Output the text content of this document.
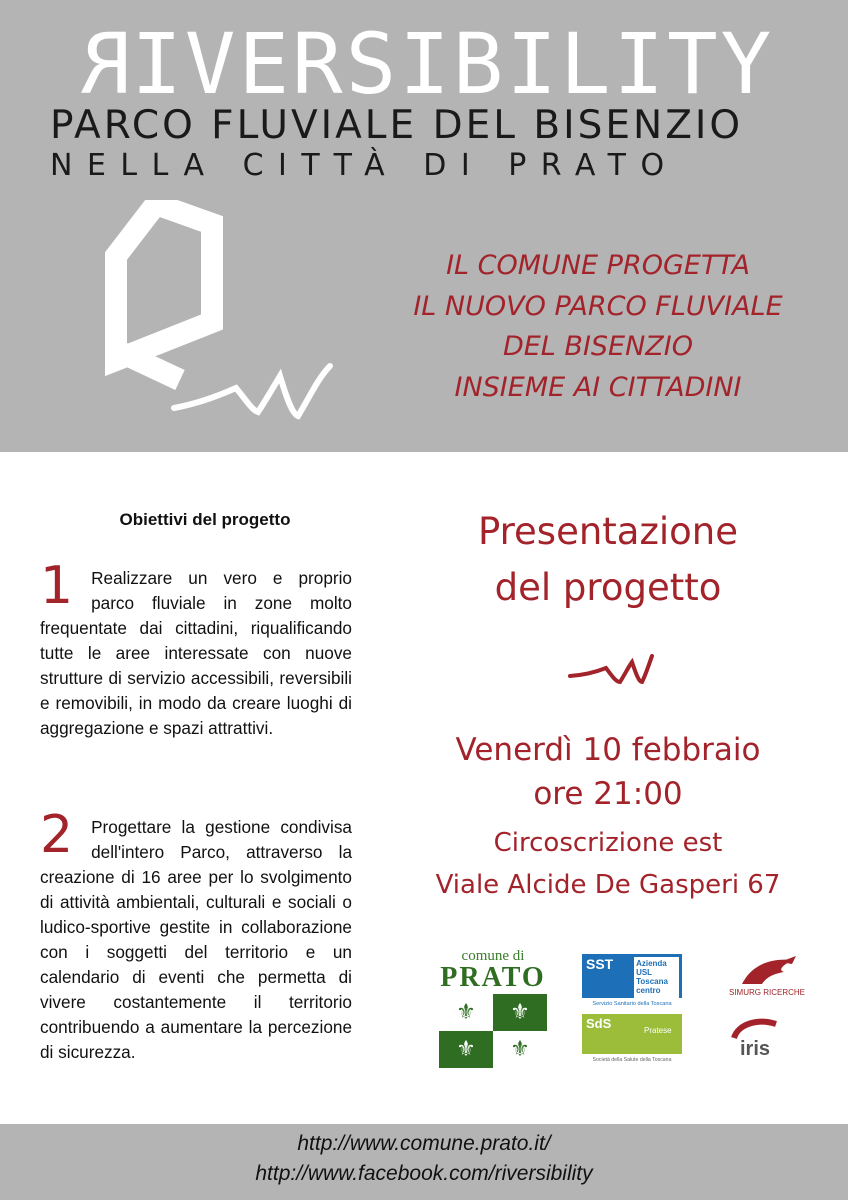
RIVERSIBILITY
PARCO FLUVIALE DEL BISENZIO
NELLA CITTÀ DI PRATO
IL COMUNE PROGETTA
IL NUOVO PARCO FLUVIALE
DEL BISENZIO
INSIEME AI CITTADINI
Obiettivi del progetto
1 Realizzare un vero e proprio parco fluviale in zone molto frequentate dai cittadini, riqualificando tutte le aree interessate con nuove strutture di servizio accessibili, reversibili e removibili, in modo da creare luoghi di aggregazione e spazi attrattivi.
2 Progettare la gestione condivisa dell'intero Parco, attraverso la creazione di 16 aree per lo svolgimento di attività ambientali, culturali e sociali o ludico-sportive gestite in collaborazione con i soggetti del territorio e un calendario di eventi che permetta di vivere costantemente il territorio contribuendo a aumentare la percezione di sicurezza.
Presentazione
del progetto
Venerdì 10 febbraio
ore 21:00
Circoscrizione est
Viale Alcide De Gasperi 67
comune di
PRATO
⚜	⚜
⚜	⚜
SST	Azienda
USL
Toscana
centro
Servizio Sanitario della Toscana
SdS	Pratese
Società della Salute della Toscana
SIMURG RICERCHE
iris
http://www.comune.prato.it/
http://www.facebook.com/riversibility
